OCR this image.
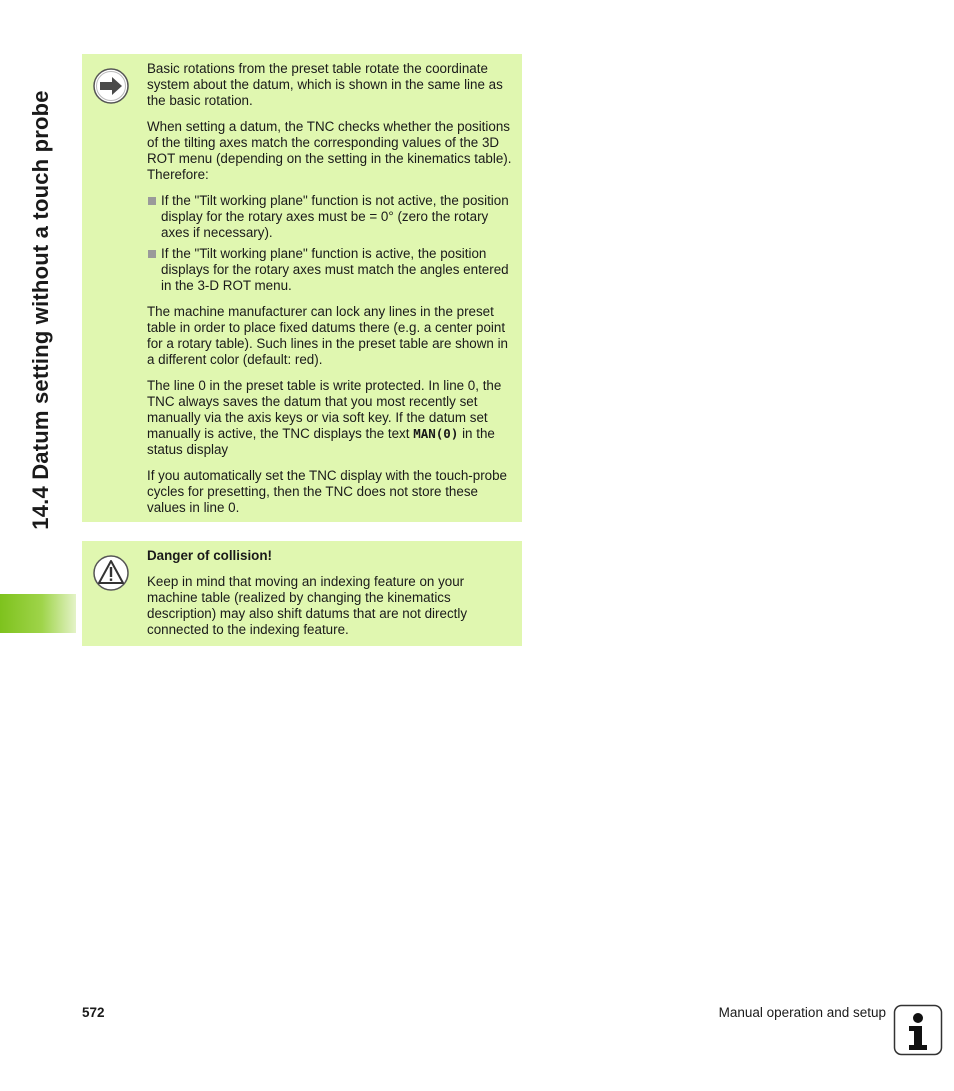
14.4 Datum setting without a touch probe

Basic rotations from the preset table rotate the coordinate system about the datum, which is shown in the same line as the basic rotation.

When setting a datum, the TNC checks whether the positions of the tilting axes match the corresponding values of the 3D ROT menu (depending on the setting in the kinematics table). Therefore:

If the "Tilt working plane" function is not active, the position display for the rotary axes must be = 0° (zero the rotary axes if necessary).
If the "Tilt working plane" function is active, the position displays for the rotary axes must match the angles entered in the 3-D ROT menu.

The machine manufacturer can lock any lines in the preset table in order to place fixed datums there (e.g. a center point for a rotary table). Such lines in the preset table are shown in a different color (default: red).

The line 0 in the preset table is write protected. In line 0, the TNC always saves the datum that you most recently set manually via the axis keys or via soft key. If the datum set manually is active, the TNC displays the text MAN(0) in the status display

If you automatically set the TNC display with the touch-probe cycles for presetting, then the TNC does not store these values in line 0.

Danger of collision!

Keep in mind that moving an indexing feature on your machine table (realized by changing the kinematics description) may also shift datums that are not directly connected to the indexing feature.

572	Manual operation and setup
